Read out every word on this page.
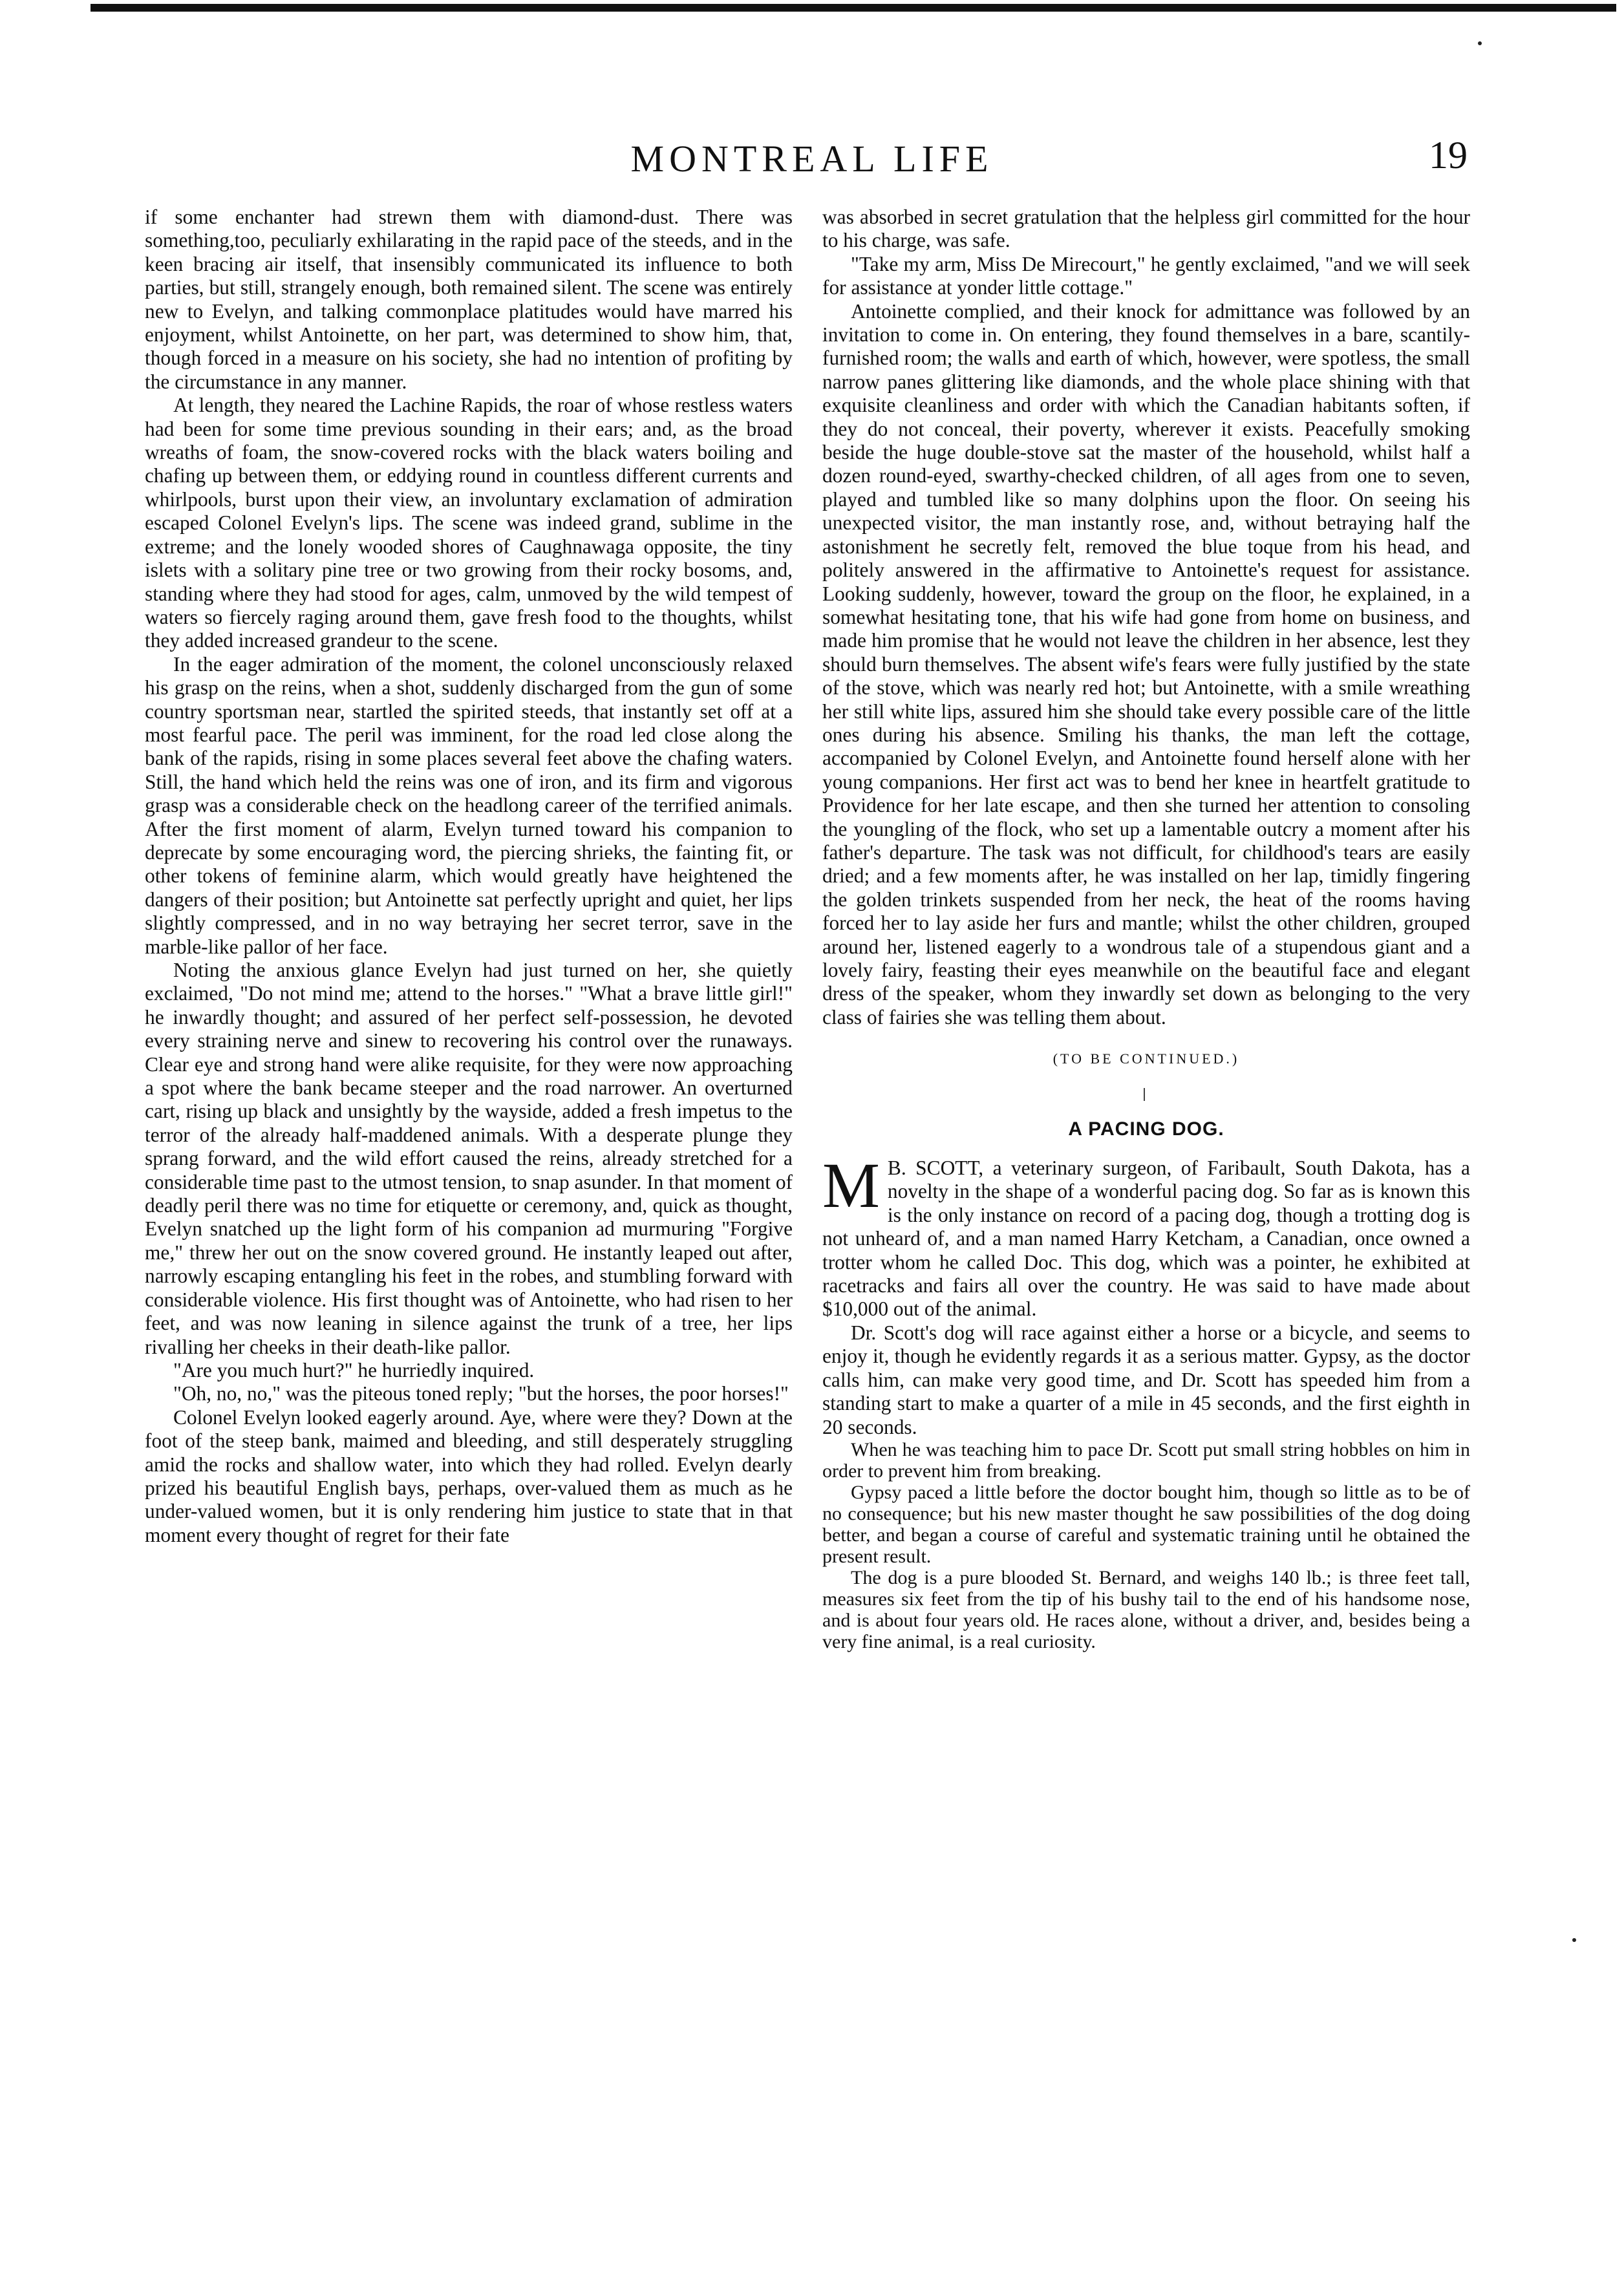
MONTREAL LIFE	19

if some enchanter had strewn them with diamond-dust. There was something,too, peculiarly exhilarating in the rapid pace of the steeds, and in the keen bracing air itself, that insensibly communicated its influence to both parties, but still, strangely enough, both remained silent. The scene was entirely new to Evelyn, and talking commonplace platitudes would have marred his enjoyment, whilst Antoinette, on her part, was determined to show him, that, though forced in a measure on his society, she had no intention of profiting by the circumstance in any manner.

At length, they neared the Lachine Rapids, the roar of whose restless waters had been for some time previous sounding in their ears; and, as the broad wreaths of foam, the snow-covered rocks with the black waters boiling and chafing up between them, or eddying round in countless different currents and whirlpools, burst upon their view, an involuntary exclamation of admiration escaped Colonel Evelyn's lips. The scene was indeed grand, sublime in the extreme; and the lonely wooded shores of Caughnawaga opposite, the tiny islets with a solitary pine tree or two growing from their rocky bosoms, and, standing where they had stood for ages, calm, unmoved by the wild tempest of waters so fiercely raging around them, gave fresh food to the thoughts, whilst they added increased grandeur to the scene.

In the eager admiration of the moment, the colonel unconsciously relaxed his grasp on the reins, when a shot, suddenly discharged from the gun of some country sportsman near, startled the spirited steeds, that instantly set off at a most fearful pace. The peril was imminent, for the road led close along the bank of the rapids, rising in some places several feet above the chafing waters. Still, the hand which held the reins was one of iron, and its firm and vigorous grasp was a considerable check on the headlong career of the terrified animals. After the first moment of alarm, Evelyn turned toward his companion to deprecate by some encouraging word, the piercing shrieks, the fainting fit, or other tokens of feminine alarm, which would greatly have heightened the dangers of their position; but Antoinette sat perfectly upright and quiet, her lips slightly compressed, and in no way betraying her secret terror, save in the marble-like pallor of her face.

Noting the anxious glance Evelyn had just turned on her, she quietly exclaimed, "Do not mind me; attend to the horses." "What a brave little girl!" he inwardly thought; and assured of her perfect self-possession, he devoted every straining nerve and sinew to recovering his control over the runaways. Clear eye and strong hand were alike requisite, for they were now approaching a spot where the bank became steeper and the road narrower. An overturned cart, rising up black and unsightly by the wayside, added a fresh impetus to the terror of the already half-maddened animals. With a desperate plunge they sprang forward, and the wild effort caused the reins, already stretched for a considerable time past to the utmost tension, to snap asunder. In that moment of deadly peril there was no time for etiquette or ceremony, and, quick as thought, Evelyn snatched up the light form of his companion ad murmuring "Forgive me," threw her out on the snow covered ground. He instantly leaped out after, narrowly escaping entangling his feet in the robes, and stumbling forward with considerable violence. His first thought was of Antoinette, who had risen to her feet, and was now leaning in silence against the trunk of a tree, her lips rivalling her cheeks in their death-like pallor.

"Are you much hurt?" he hurriedly inquired.

"Oh, no, no," was the piteous toned reply; "but the horses, the poor horses!"

Colonel Evelyn looked eagerly around. Aye, where were they? Down at the foot of the steep bank, maimed and bleeding, and still desperately struggling amid the rocks and shallow water, into which they had rolled. Evelyn dearly prized his beautiful English bays, perhaps, over-valued them as much as he under-valued women, but it is only rendering him justice to state that in that moment every thought of regret for their fate

was absorbed in secret gratulation that the helpless girl committed for the hour to his charge, was safe.

"Take my arm, Miss De Mirecourt," he gently exclaimed, "and we will seek for assistance at yonder little cottage."

Antoinette complied, and their knock for admittance was followed by an invitation to come in. On entering, they found themselves in a bare, scantily-furnished room; the walls and earth of which, however, were spotless, the small narrow panes glittering like diamonds, and the whole place shining with that exquisite cleanliness and order with which the Canadian habitants soften, if they do not conceal, their poverty, wherever it exists. Peacefully smoking beside the huge double-stove sat the master of the household, whilst half a dozen round-eyed, swarthy-checked children, of all ages from one to seven, played and tumbled like so many dolphins upon the floor. On seeing his unexpected visitor, the man instantly rose, and, without betraying half the astonishment he secretly felt, removed the blue toque from his head, and politely answered in the affirmative to Antoinette's request for assistance. Looking suddenly, however, toward the group on the floor, he explained, in a somewhat hesitating tone, that his wife had gone from home on business, and made him promise that he would not leave the children in her absence, lest they should burn themselves. The absent wife's fears were fully justified by the state of the stove, which was nearly red hot; but Antoinette, with a smile wreathing her still white lips, assured him she should take every possible care of the little ones during his absence. Smiling his thanks, the man left the cottage, accompanied by Colonel Evelyn, and Antoinette found herself alone with her young companions. Her first act was to bend her knee in heartfelt gratitude to Providence for her late escape, and then she turned her attention to consoling the youngling of the flock, who set up a lamentable outcry a moment after his father's departure. The task was not difficult, for childhood's tears are easily dried; and a few moments after, he was installed on her lap, timidly fingering the golden trinkets suspended from her neck, the heat of the rooms having forced her to lay aside her furs and mantle; whilst the other children, grouped around her, listened eagerly to a wondrous tale of a stupendous giant and a lovely fairy, feasting their eyes meanwhile on the beautiful face and elegant dress of the speaker, whom they inwardly set down as belonging to the very class of fairies she was telling them about.

(TO BE CONTINUED.)
A PACING DOG.

M B. SCOTT, a veterinary surgeon, of Faribault, South Dakota, has a novelty in the shape of a wonderful pacing dog. So far as is known this is the only instance on record of a pacing dog, though a trotting dog is not unheard of, and a man named Harry Ketcham, a Canadian, once owned a trotter whom he called Doc. This dog, which was a pointer, he exhibited at racetracks and fairs all over the country. He was said to have made about $10,000 out of the animal.

Dr. Scott's dog will race against either a horse or a bicycle, and seems to enjoy it, though he evidently regards it as a serious matter. Gypsy, as the doctor calls him, can make very good time, and Dr. Scott has speeded him from a standing start to make a quarter of a mile in 45 seconds, and the first eighth in 20 seconds.

When he was teaching him to pace Dr. Scott put small string hobbles on him in order to prevent him from breaking.

Gypsy paced a little before the doctor bought him, though so little as to be of no consequence; but his new master thought he saw possibilities of the dog doing better, and began a course of careful and systematic training until he obtained the present result.

The dog is a pure blooded St. Bernard, and weighs 140 lb.; is three feet tall, measures six feet from the tip of his bushy tail to the end of his handsome nose, and is about four years old. He races alone, without a driver, and, besides being a very fine animal, is a real curiosity.
